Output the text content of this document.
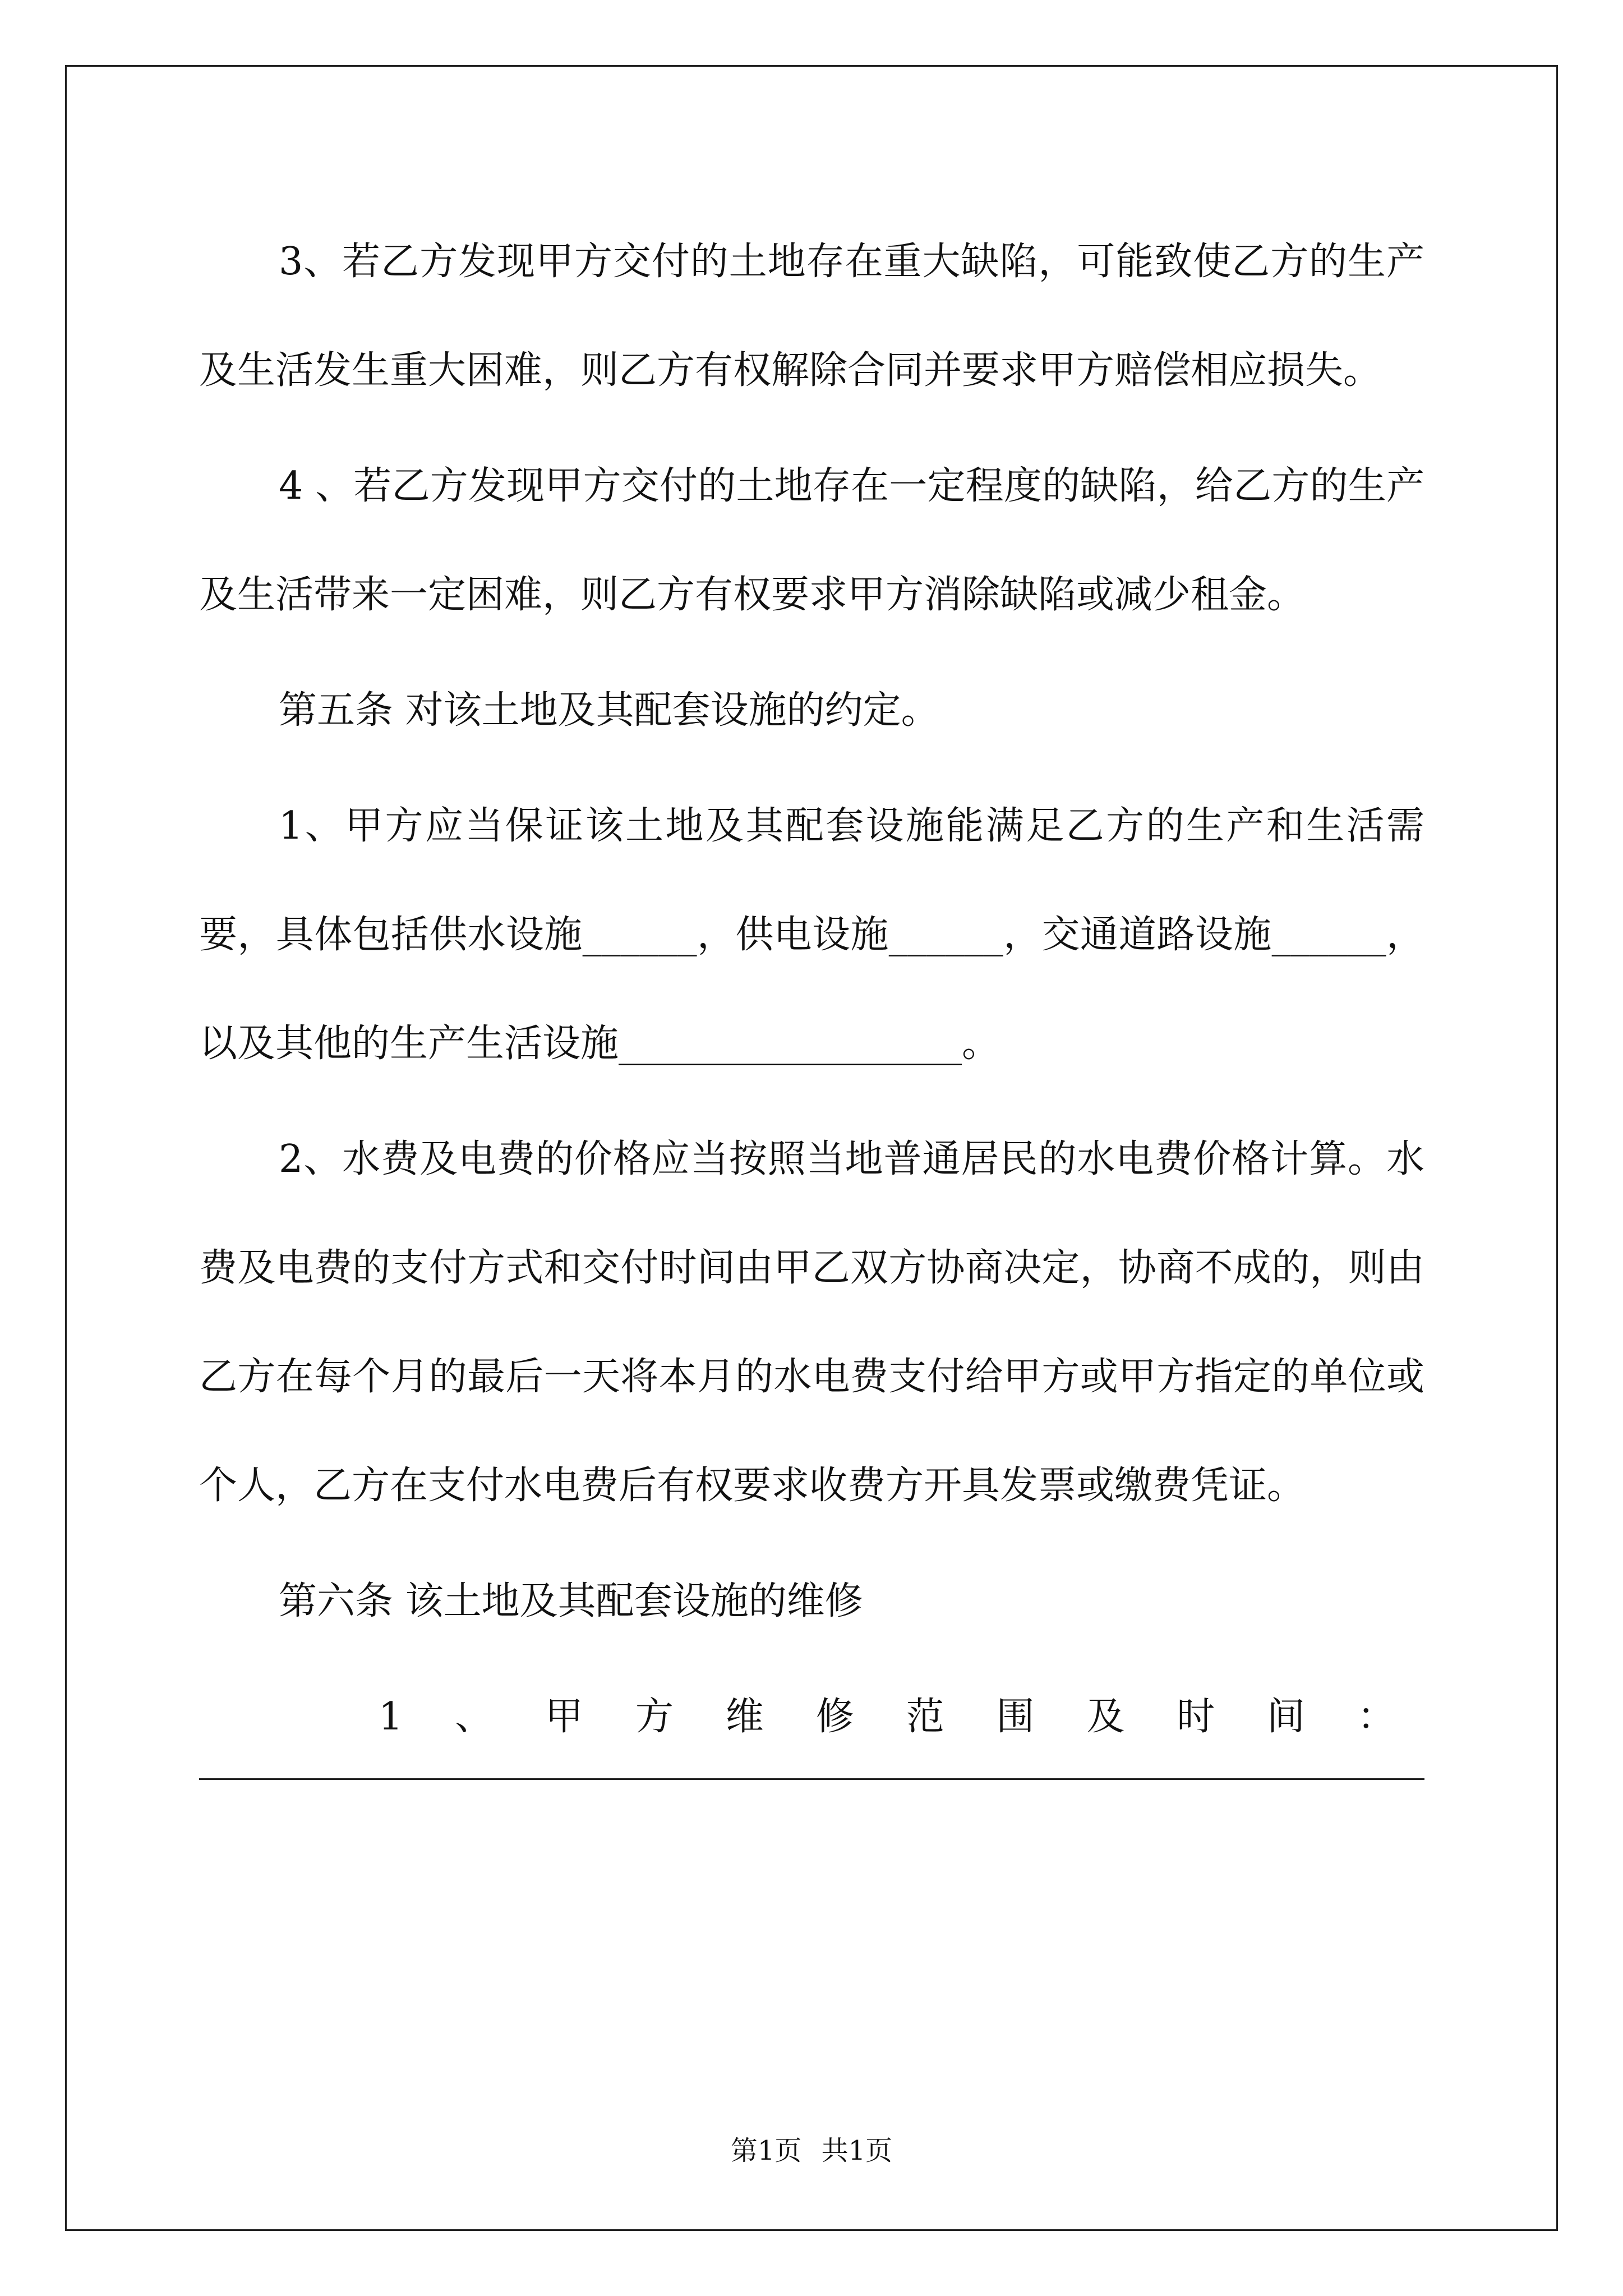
3、若乙方发现甲方交付的土地存在重大缺陷，可能致使乙方的生产及生活发生重大困难，则乙方有权解除合同并要求甲方赔偿相应损失。

4 、若乙方发现甲方交付的土地存在一定程度的缺陷，给乙方的生产及生活带来一定困难，则乙方有权要求甲方消除缺陷或减少租金。

第五条 对该土地及其配套设施的约定。

1、甲方应当保证该土地及其配套设施能满足乙方的生产和生活需要，具体包括供水设施______，供电设施______，交通道路设施______，以及其他的生产生活设施__________________。

2、水费及电费的价格应当按照当地普通居民的水电费价格计算。水费及电费的支付方式和交付时间由甲乙双方协商决定，协商不成的，则由乙方在每个月的最后一天将本月的水电费支付给甲方或甲方指定的单位或个人，乙方在支付水电费后有权要求收费方开具发票或缴费凭证。

第六条 该土地及其配套设施的维修

1、甲方维修范围及时间：

第1页 共1页
